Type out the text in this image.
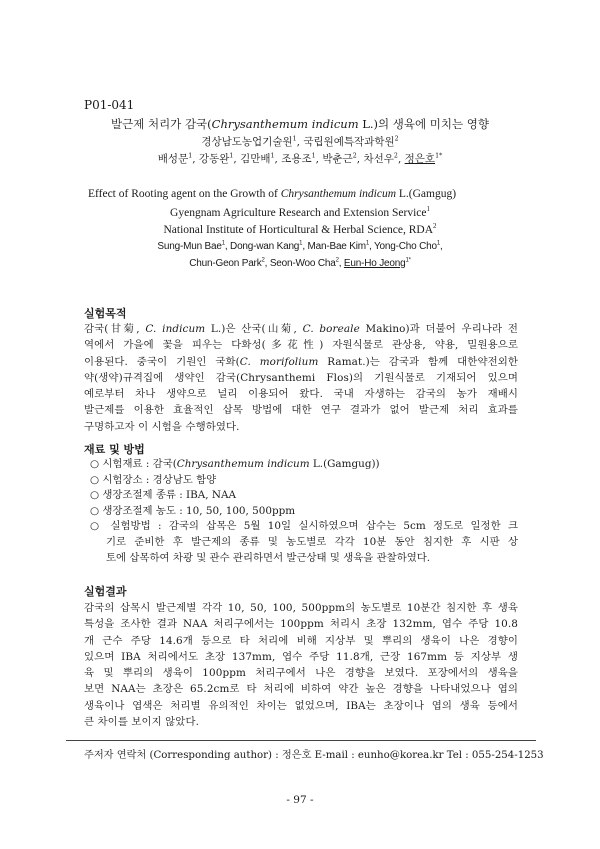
P01-041
발근제 처리가 감국(Chrysanthemum indicum L.)의 생육에 미치는 영향
경상남도농업기술원$^1$, 국립원예특작과학원$^2$
배성문$^1$, 강동완$^1$, 김만배$^1$, 조용조$^1$, 박춘근$^2$, 차선우$^2$, 정은호$^{1*}$
Effect of Rooting agent on the Growth of Chrysanthemum indicum L.(Gamgug)
Gyengnam Agriculture Research and Extension Service$^1$
National Institute of Horticultural & Herbal Science, RDA$^2$
Sung-Mun Bae$^1$, Dong-wan Kang$^1$, Man-Bae Kim$^1$, Yong-Cho Cho$^1$,
Chun-Geon Park$^2$, Seon-Woo Cha$^2$, Eun-Ho Jeong$^{1*}$
실험목적
감국(甘菊, C. indicum L.)은 산국(山菊, C. boreale Makino)과 더불어 우리나라 전
역에서 가을에 꽃을 피우는 다화성(多花性) 자원식물로 관상용, 약용, 밀원용으로
이용된다. 중국이 기원인 국화(C. morifolium Ramat.)는 감국과 함께 대한약전외한
약(생약)규격집에 생약인 감국(Chrysanthemi Flos)의 기원식물로 기재되어 있으며
예로부터 차나 생약으로 널리 이용되어 왔다. 국내 자생하는 감국의 농가 재배시
발근제를 이용한 효율적인 삽목 방법에 대한 연구 결과가 없어 발근제 처리 효과를
구명하고자 이 시험을 수행하였다.
재료 및 방법
○ 시험재료 : 감국(Chrysanthemum indicum L.(Gamgug))
○ 시험장소 : 경상남도 함양
○ 생장조절제 종류 : IBA, NAA
○ 생장조절제 농도 : 10, 50, 100, 500ppm
○ 실험방법 : 감국의 삽목은 5월 10일 실시하였으며 삽수는 5cm 정도로 일정한 크
기로 준비한 후 발근제의 종류 및 농도별로 각각 10분 동안 침지한 후 시판 상
토에 삽목하여 차광 및 관수 관리하면서 발근상태 및 생육을 관찰하였다.
실험결과
감국의 삽목시 발근제별 각각 10, 50, 100, 500ppm의 농도별로 10분간 침지한 후 생육
특성을 조사한 결과 NAA 처리구에서는 100ppm 처리시 초장 132mm, 엽수 주당 10.8
개 근수 주당 14.6개 등으로 타 처리에 비해 지상부 및 뿌리의 생육이 나은 경향이
있으며 IBA 처리에서도 초장 137mm, 엽수 주당 11.8개, 근장 167mm 등 지상부 생
육 및 뿌리의 생육이 100ppm 처리구에서 나은 경향을 보였다. 포장에서의 생육을
보면 NAA는 초장은 65.2cm로 타 처리에 비하여 약간 높은 경향을 나타내었으나 엽의
생육이나 엽색은 처리별 유의적인 차이는 없었으며, IBA는 초장이나 엽의 생육 등에서
큰 차이를 보이지 않았다.
주저자 연락처 (Corresponding author) : 정은호 E-mail : eunho@korea.kr Tel : 055-254-1253
- 97 -
